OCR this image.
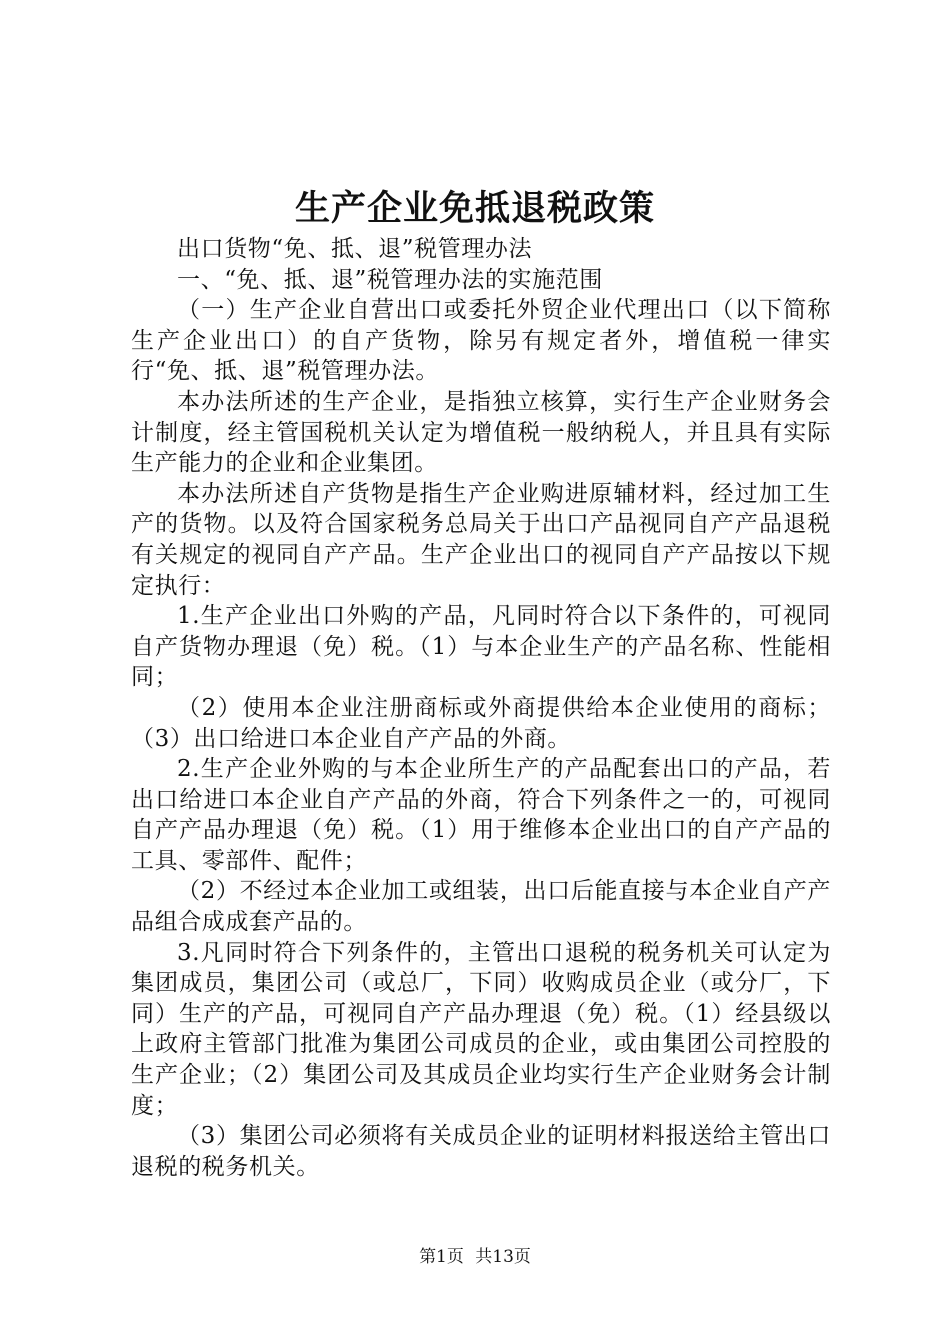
生产企业免抵退税政策

出口货物“免、抵、退”税管理办法

一、“免、抵、退”税管理办法的实施范围

（一）生产企业自营出口或委托外贸企业代理出口（以下简称生产企业出口）的自产货物，除另有规定者外，增值税一律实行“免、抵、退”税管理办法。

本办法所述的生产企业，是指独立核算，实行生产企业财务会计制度，经主管国税机关认定为增值税一般纳税人，并且具有实际生产能力的企业和企业集团。

本办法所述自产货物是指生产企业购进原辅材料，经过加工生产的货物。以及符合国家税务总局关于出口产品视同自产产品退税有关规定的视同自产产品。生产企业出口的视同自产产品按以下规定执行：

1.生产企业出口外购的产品，凡同时符合以下条件的，可视同自产货物办理退（免）税。（1）与本企业生产的产品名称、性能相同；

（2）使用本企业注册商标或外商提供给本企业使用的商标；（3）出口给进口本企业自产产品的外商。

2.生产企业外购的与本企业所生产的产品配套出口的产品，若出口给进口本企业自产产品的外商，符合下列条件之一的，可视同自产产品办理退（免）税。（1）用于维修本企业出口的自产产品的工具、零部件、配件；

（2）不经过本企业加工或组装，出口后能直接与本企业自产产品组合成成套产品的。

3.凡同时符合下列条件的，主管出口退税的税务机关可认定为集团成员，集团公司（或总厂，下同）收购成员企业（或分厂，下同）生产的产品，可视同自产产品办理退（免）税。（1）经县级以上政府主管部门批准为集团公司成员的企业，或由集团公司控股的生产企业；（2）集团公司及其成员企业均实行生产企业财务会计制度；

（3）集团公司必须将有关成员企业的证明材料报送给主管出口退税的税务机关。

第1页 共13页
